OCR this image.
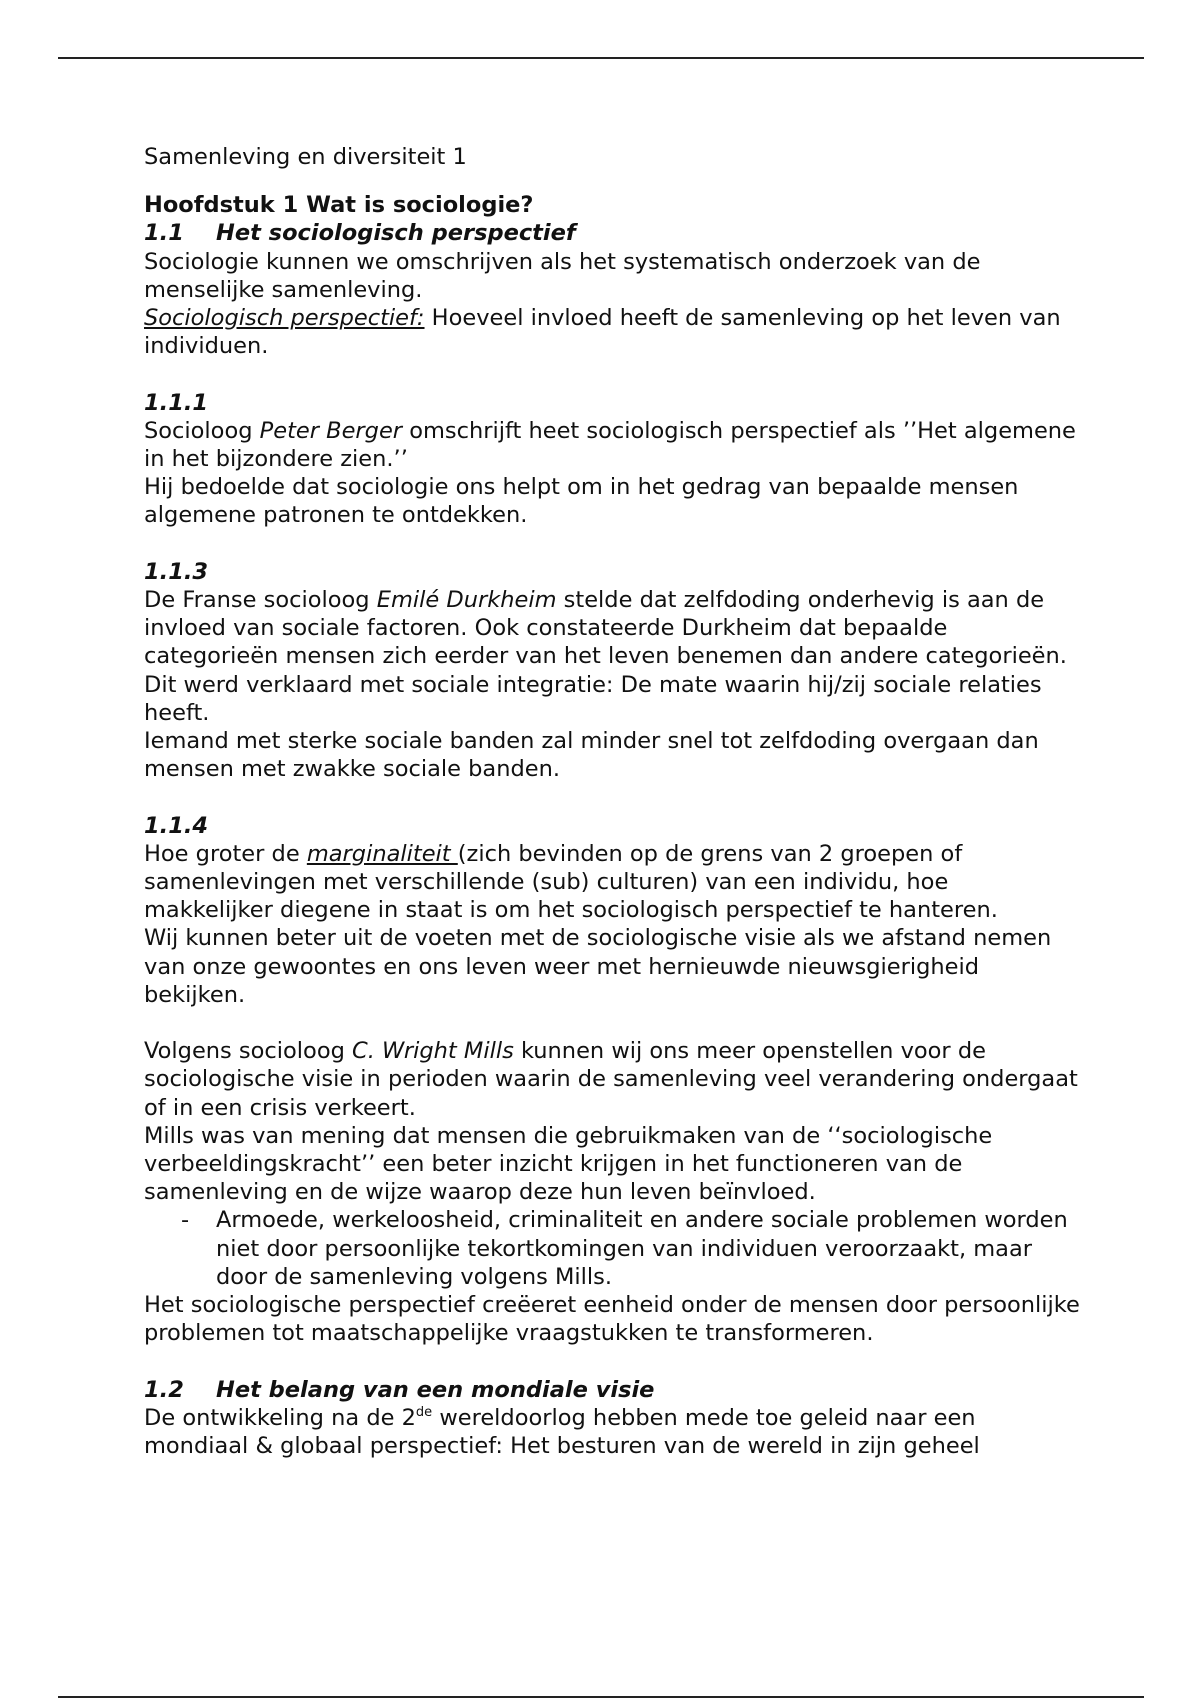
Samenleving en diversiteit 1

Hoofdstuk 1 Wat is sociologie?

1.1 Het sociologisch perspectief

Sociologie kunnen we omschrijven als het systematisch onderzoek van de menselijke samenleving.

Sociologisch perspectief: Hoeveel invloed heeft de samenleving op het leven van individuen.

1.1.1

Socioloog Peter Berger omschrijft heet sociologisch perspectief als ’’Het algemene in het bijzondere zien.’’

Hij bedoelde dat sociologie ons helpt om in het gedrag van bepaalde mensen algemene patronen te ontdekken.

1.1.3

De Franse socioloog Emilé Durkheim stelde dat zelfdoding onderhevig is aan de invloed van sociale factoren. Ook constateerde Durkheim dat bepaalde categorieën mensen zich eerder van het leven benemen dan andere categorieën. Dit werd verklaard met sociale integratie: De mate waarin hij/zij sociale relaties heeft.

Iemand met sterke sociale banden zal minder snel tot zelfdoding overgaan dan mensen met zwakke sociale banden.

1.1.4

Hoe groter de marginaliteit (zich bevinden op de grens van 2 groepen of samenlevingen met verschillende (sub) culturen) van een individu, hoe makkelijker diegene in staat is om het sociologisch perspectief te hanteren.

Wij kunnen beter uit de voeten met de sociologische visie als we afstand nemen van onze gewoontes en ons leven weer met hernieuwde nieuwsgierigheid bekijken.

Volgens socioloog C. Wright Mills kunnen wij ons meer openstellen voor de sociologische visie in perioden waarin de samenleving veel verandering ondergaat of in een crisis verkeert.

Mills was van mening dat mensen die gebruikmaken van de ‘‘sociologische verbeeldingskracht’’ een beter inzicht krijgen in het functioneren van de samenleving en de wijze waarop deze hun leven beïnvloed.

- Armoede, werkeloosheid, criminaliteit en andere sociale problemen worden niet door persoonlijke tekortkomingen van individuen veroorzaakt, maar door de samenleving volgens Mills.

Het sociologische perspectief creëeret eenheid onder de mensen door persoonlijke problemen tot maatschappelijke vraagstukken te transformeren.

1.2 Het belang van een mondiale visie

De ontwikkeling na de 2de wereldoorlog hebben mede toe geleid naar een mondiaal & globaal perspectief: Het besturen van de wereld in zijn geheel
